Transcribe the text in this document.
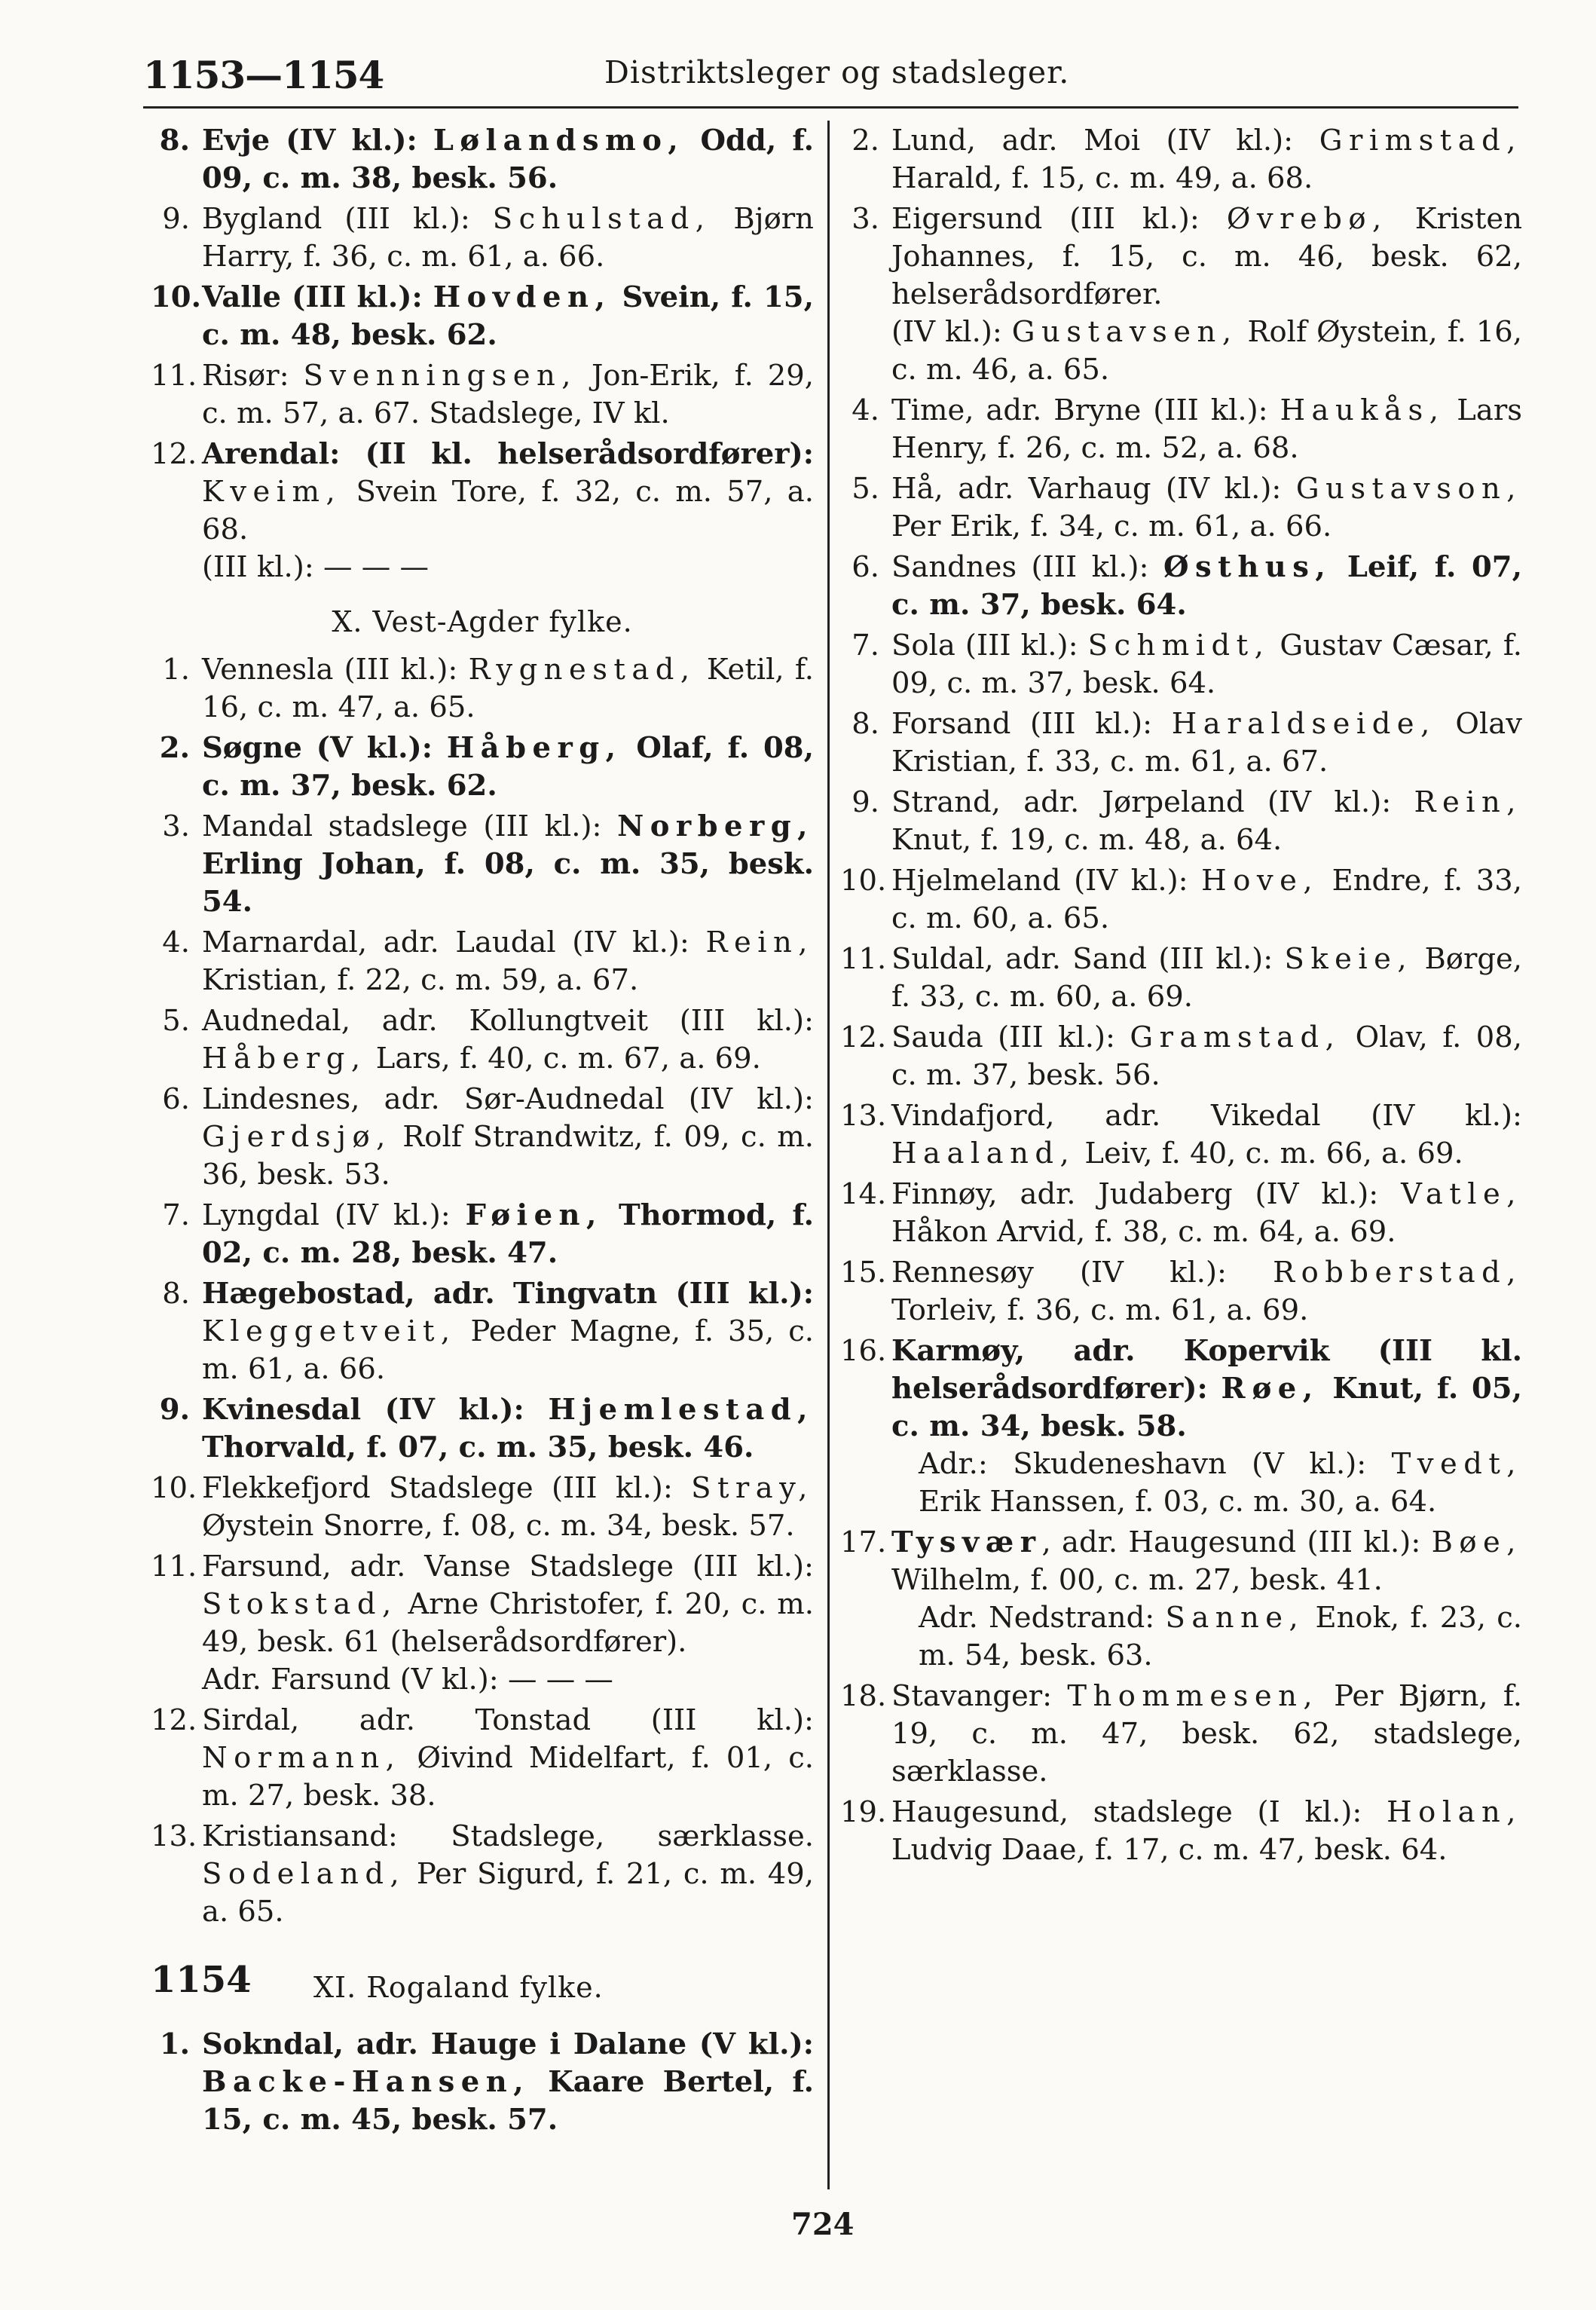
1153—1154	Distriktsleger og stadsleger.
8. Evje (IV kl.): Lølandsmo, Odd, f. 09, c. m. 38, besk. 56.
9. Bygland (III kl.): Schulstad, Bjørn Harry, f. 36, c. m. 61, a. 66.
10. Valle (III kl.): Hovden, Svein, f. 15, c. m. 48, besk. 62.
11. Risør: Svenningsen, Jon-Erik, f. 29, c. m. 57, a. 67. Stadslege, IV kl.
12. Arendal: (II kl. helserådsordfører): Kveim, Svein Tore, f. 32, c. m. 57, a. 68.
(III kl.): — — —
X. Vest-Agder fylke.
1. Vennesla (III kl.): Rygnestad, Ketil, f. 16, c. m. 47, a. 65.
2. Søgne (V kl.): Håberg, Olaf, f. 08, c. m. 37, besk. 62.
3. Mandal stadslege (III kl.): Norberg, Erling Johan, f. 08, c. m. 35, besk. 54.
4. Marnardal, adr. Laudal (IV kl.): Rein, Kristian, f. 22, c. m. 59, a. 67.
5. Audnedal, adr. Kollungtveit (III kl.): Håberg, Lars, f. 40, c. m. 67, a. 69.
6. Lindesnes, adr. Sør-Audnedal (IV kl.): Gjerdsjø, Rolf Strandwitz, f. 09, c. m. 36, besk. 53.
7. Lyngdal (IV kl.): Føien, Thormod, f. 02, c. m. 28, besk. 47.
8. Hægebostad, adr. Tingvatn (III kl.): Kleggetveit, Peder Magne, f. 35, c. m. 61, a. 66.
9. Kvinesdal (IV kl.): Hjemlestad, Thorvald, f. 07, c. m. 35, besk. 46.
10. Flekkefjord Stadslege (III kl.): Stray, Øystein Snorre, f. 08, c. m. 34, besk. 57.
11. Farsund, adr. Vanse Stadslege (III kl.): Stokstad, Arne Christofer, f. 20, c. m. 49, besk. 61 (helserådsordfører).
Adr. Farsund (V kl.): — — —
12. Sirdal, adr. Tonstad (III kl.): Normann, Øivind Midelfart, f. 01, c. m. 27, besk. 38.
13. Kristiansand: Stadslege, særklasse. Sodeland, Per Sigurd, f. 21, c. m. 49, a. 65.
1154 XI. Rogaland fylke.
1. Sokndal, adr. Hauge i Dalane (V kl.): Backe-Hansen, Kaare Bertel, f. 15, c. m. 45, besk. 57.
2. Lund, adr. Moi (IV kl.): Grimstad, Harald, f. 15, c. m. 49, a. 68.
3. Eigersund (III kl.): Øvrebø, Kristen Johannes, f. 15, c. m. 46, besk. 62, helserådsordfører.
(IV kl.): Gustavsen, Rolf Øystein, f. 16, c. m. 46, a. 65.
4. Time, adr. Bryne (III kl.): Haukås, Lars Henry, f. 26, c. m. 52, a. 68.
5. Hå, adr. Varhaug (IV kl.): Gustavson, Per Erik, f. 34, c. m. 61, a. 66.
6. Sandnes (III kl.): Østhus, Leif, f. 07, c. m. 37, besk. 64.
7. Sola (III kl.): Schmidt, Gustav Cæsar, f. 09, c. m. 37, besk. 64.
8. Forsand (III kl.): Haraldseide, Olav Kristian, f. 33, c. m. 61, a. 67.
9. Strand, adr. Jørpeland (IV kl.): Rein, Knut, f. 19, c. m. 48, a. 64.
10. Hjelmeland (IV kl.): Hove, Endre, f. 33, c. m. 60, a. 65.
11. Suldal, adr. Sand (III kl.): Skeie, Børge, f. 33, c. m. 60, a. 69.
12. Sauda (III kl.): Gramstad, Olav, f. 08, c. m. 37, besk. 56.
13. Vindafjord, adr. Vikedal (IV kl.): Haaland, Leiv, f. 40, c. m. 66, a. 69.
14. Finnøy, adr. Judaberg (IV kl.): Vatle, Håkon Arvid, f. 38, c. m. 64, a. 69.
15. Rennesøy (IV kl.): Robberstad, Torleiv, f. 36, c. m. 61, a. 69.
16. Karmøy, adr. Kopervik (III kl. helserådsordfører): Røe, Knut, f. 05, c. m. 34, besk. 58.
Adr.: Skudeneshavn (V kl.): Tvedt, Erik Hanssen, f. 03, c. m. 30, a. 64.
17. Tysvær, adr. Haugesund (III kl.): Bøe, Wilhelm, f. 00, c. m. 27, besk. 41.
Adr. Nedstrand: Sanne, Enok, f. 23, c. m. 54, besk. 63.
18. Stavanger: Thommesen, Per Bjørn, f. 19, c. m. 47, besk. 62, stadslege, særklasse.
19. Haugesund, stadslege (I kl.): Holan, Ludvig Daae, f. 17, c. m. 47, besk. 64.
724
